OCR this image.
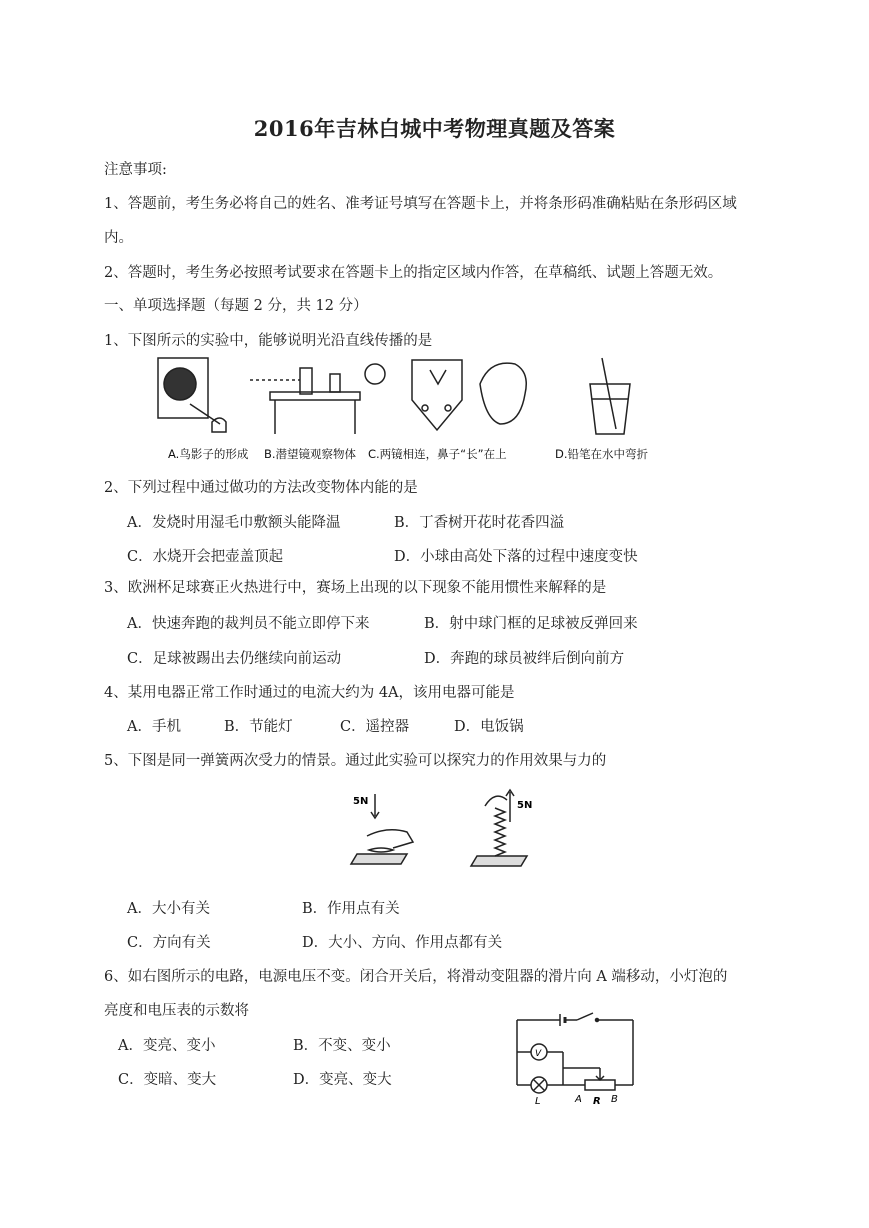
2016年吉林白城中考物理真题及答案
注意事项:
1、答题前，考生务必将自己的姓名、准考证号填写在答题卡上，并将条形码准确粘贴在条形码区域
内。
2、答题时，考生务必按照考试要求在答题卡上的指定区域内作答，在草稿纸、试题上答题无效。
一、单项选择题（每题 2 分，共 12 分）
1、下图所示的实验中，能够说明光沿直线传播的是
A.鸟影子的形成 B.潜望镜观察物体 C.两镜相连，鼻子“长”在上	D.铅笔在水中弯折
2、下列过程中通过做功的方法改变物体内能的是
A．发烧时用湿毛巾敷额头能降温	B．丁香树开花时花香四溢
C．水烧开会把壶盖顶起	D．小球由高处下落的过程中速度变快
3、欧洲杯足球赛正火热进行中，赛场上出现的以下现象不能用惯性来解释的是
A．快速奔跑的裁判员不能立即停下来	B．射中球门框的足球被反弹回来
C．足球被踢出去仍继续向前运动	D．奔跑的球员被绊后倒向前方
4、某用电器正常工作时通过的电流大约为 4A，该用电器可能是
A．手机	B．节能灯	C．遥控器	D．电饭锅
5、下图是同一弹簧两次受力的情景。通过此实验可以探究力的作用效果与力的
5N	5N
A．大小有关	B．作用点有关
C．方向有关	D．大小、方向、作用点都有关
6、如右图所示的电路，电源电压不变。闭合开关后，将滑动变阻器的滑片向 A 端移动，小灯泡的
亮度和电压表的示数将
A．变亮、变小	B．不变、变小
C．变暗、变大	D．变亮、变大
V
L	A R B
